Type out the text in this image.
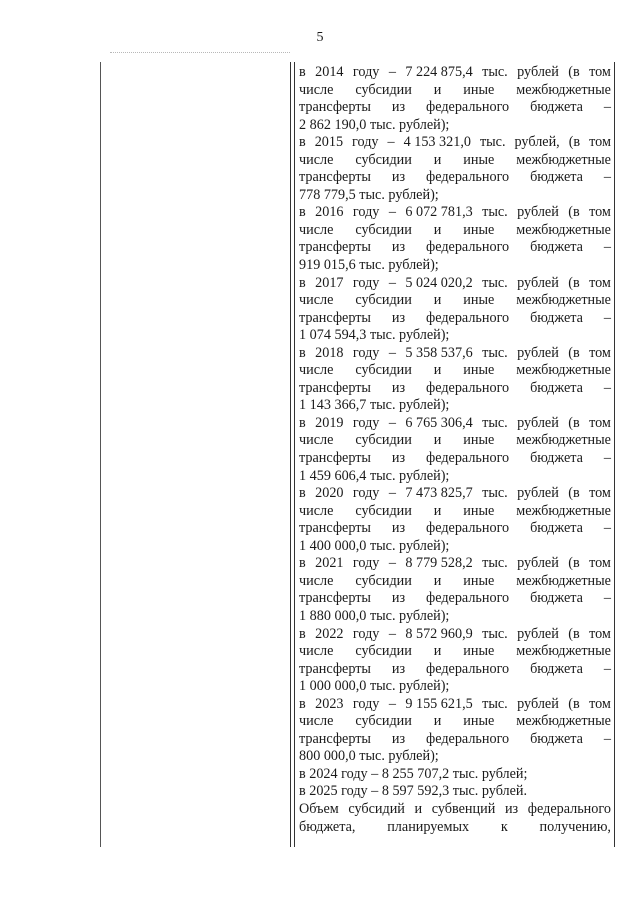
5
в 2014 году – 7 224 875,4 тыс. рублей (в том
числе субсидии и иные межбюджетные
трансферты из федерального бюджета –
2 862 190,0 тыс. рублей);
в 2015 году – 4 153 321,0 тыс. рублей, (в том
числе субсидии и иные межбюджетные
трансферты из федерального бюджета –
778 779,5 тыс. рублей);
в 2016 году – 6 072 781,3 тыс. рублей (в том
числе субсидии и иные межбюджетные
трансферты из федерального бюджета –
919 015,6 тыс. рублей);
в 2017 году – 5 024 020,2 тыс. рублей (в том
числе субсидии и иные межбюджетные
трансферты из федерального бюджета –
1 074 594,3 тыс. рублей);
в 2018 году – 5 358 537,6 тыс. рублей (в том
числе субсидии и иные межбюджетные
трансферты из федерального бюджета –
1 143 366,7 тыс. рублей);
в 2019 году – 6 765 306,4 тыс. рублей (в том
числе субсидии и иные межбюджетные
трансферты из федерального бюджета –
1 459 606,4 тыс. рублей);
в 2020 году – 7 473 825,7 тыс. рублей (в том
числе субсидии и иные межбюджетные
трансферты из федерального бюджета –
1 400 000,0 тыс. рублей);
в 2021 году – 8 779 528,2 тыс. рублей (в том
числе субсидии и иные межбюджетные
трансферты из федерального бюджета –
1 880 000,0 тыс. рублей);
в 2022 году – 8 572 960,9 тыс. рублей (в том
числе субсидии и иные межбюджетные
трансферты из федерального бюджета –
1 000 000,0 тыс. рублей);
в 2023 году – 9 155 621,5 тыс. рублей (в том
числе субсидии и иные межбюджетные
трансферты из федерального бюджета –
800 000,0 тыс. рублей);
в 2024 году – 8 255 707,2 тыс. рублей;
в 2025 году – 8 597 592,3 тыс. рублей.
Объем субсидий и субвенций из федерального
бюджета, планируемых к получению,
